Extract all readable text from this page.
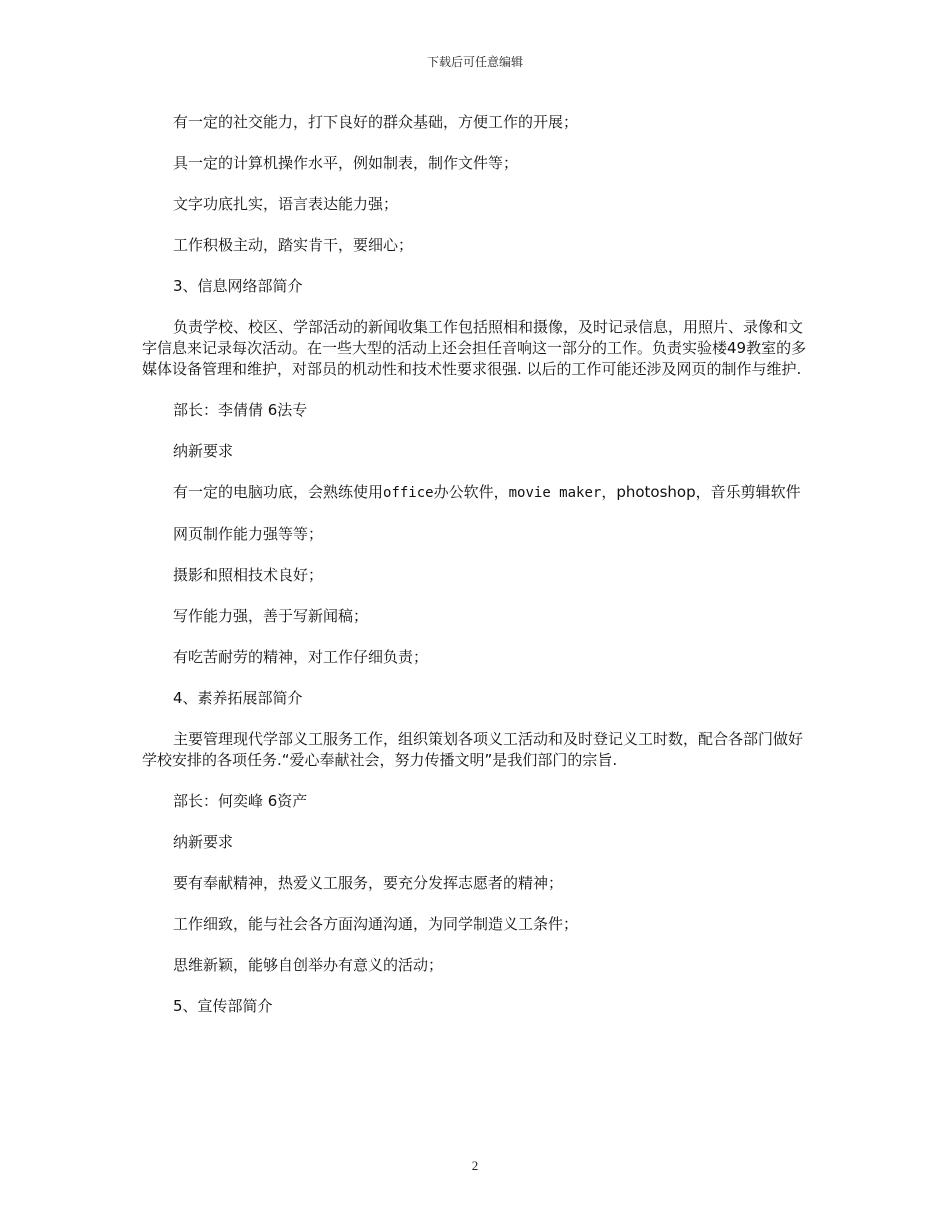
下载后可任意编辑

有一定的社交能力，打下良好的群众基础，方便工作的开展；

具一定的计算机操作水平，例如制表，制作文件等；

文字功底扎实，语言表达能力强；

工作积极主动，踏实肯干，要细心；

3、信息网络部简介

负责学校、校区、学部活动的新闻收集工作包括照相和摄像，及时记录信息，用照片、录像和文字信息来记录每次活动。在一些大型的活动上还会担任音响这一部分的工作。负责实验楼49教室的多媒体设备管理和维护，对部员的机动性和技术性要求很强. 以后的工作可能还涉及网页的制作与维护.

部长：李倩倩 6法专

纳新要求

有一定的电脑功底，会熟练使用office办公软件，movie maker，photoshop，音乐剪辑软件

网页制作能力强等等；

摄影和照相技术良好；

写作能力强，善于写新闻稿；

有吃苦耐劳的精神，对工作仔细负责；

4、素养拓展部简介

主要管理现代学部义工服务工作，组织策划各项义工活动和及时登记义工时数，配合各部门做好学校安排的各项任务.“爱心奉献社会，努力传播文明”是我们部门的宗旨.

部长：何奕峰 6资产

纳新要求

要有奉献精神，热爱义工服务，要充分发挥志愿者的精神；

工作细致，能与社会各方面沟通沟通，为同学制造义工条件；

思维新颖，能够自创举办有意义的活动；

5、宣传部简介

2
